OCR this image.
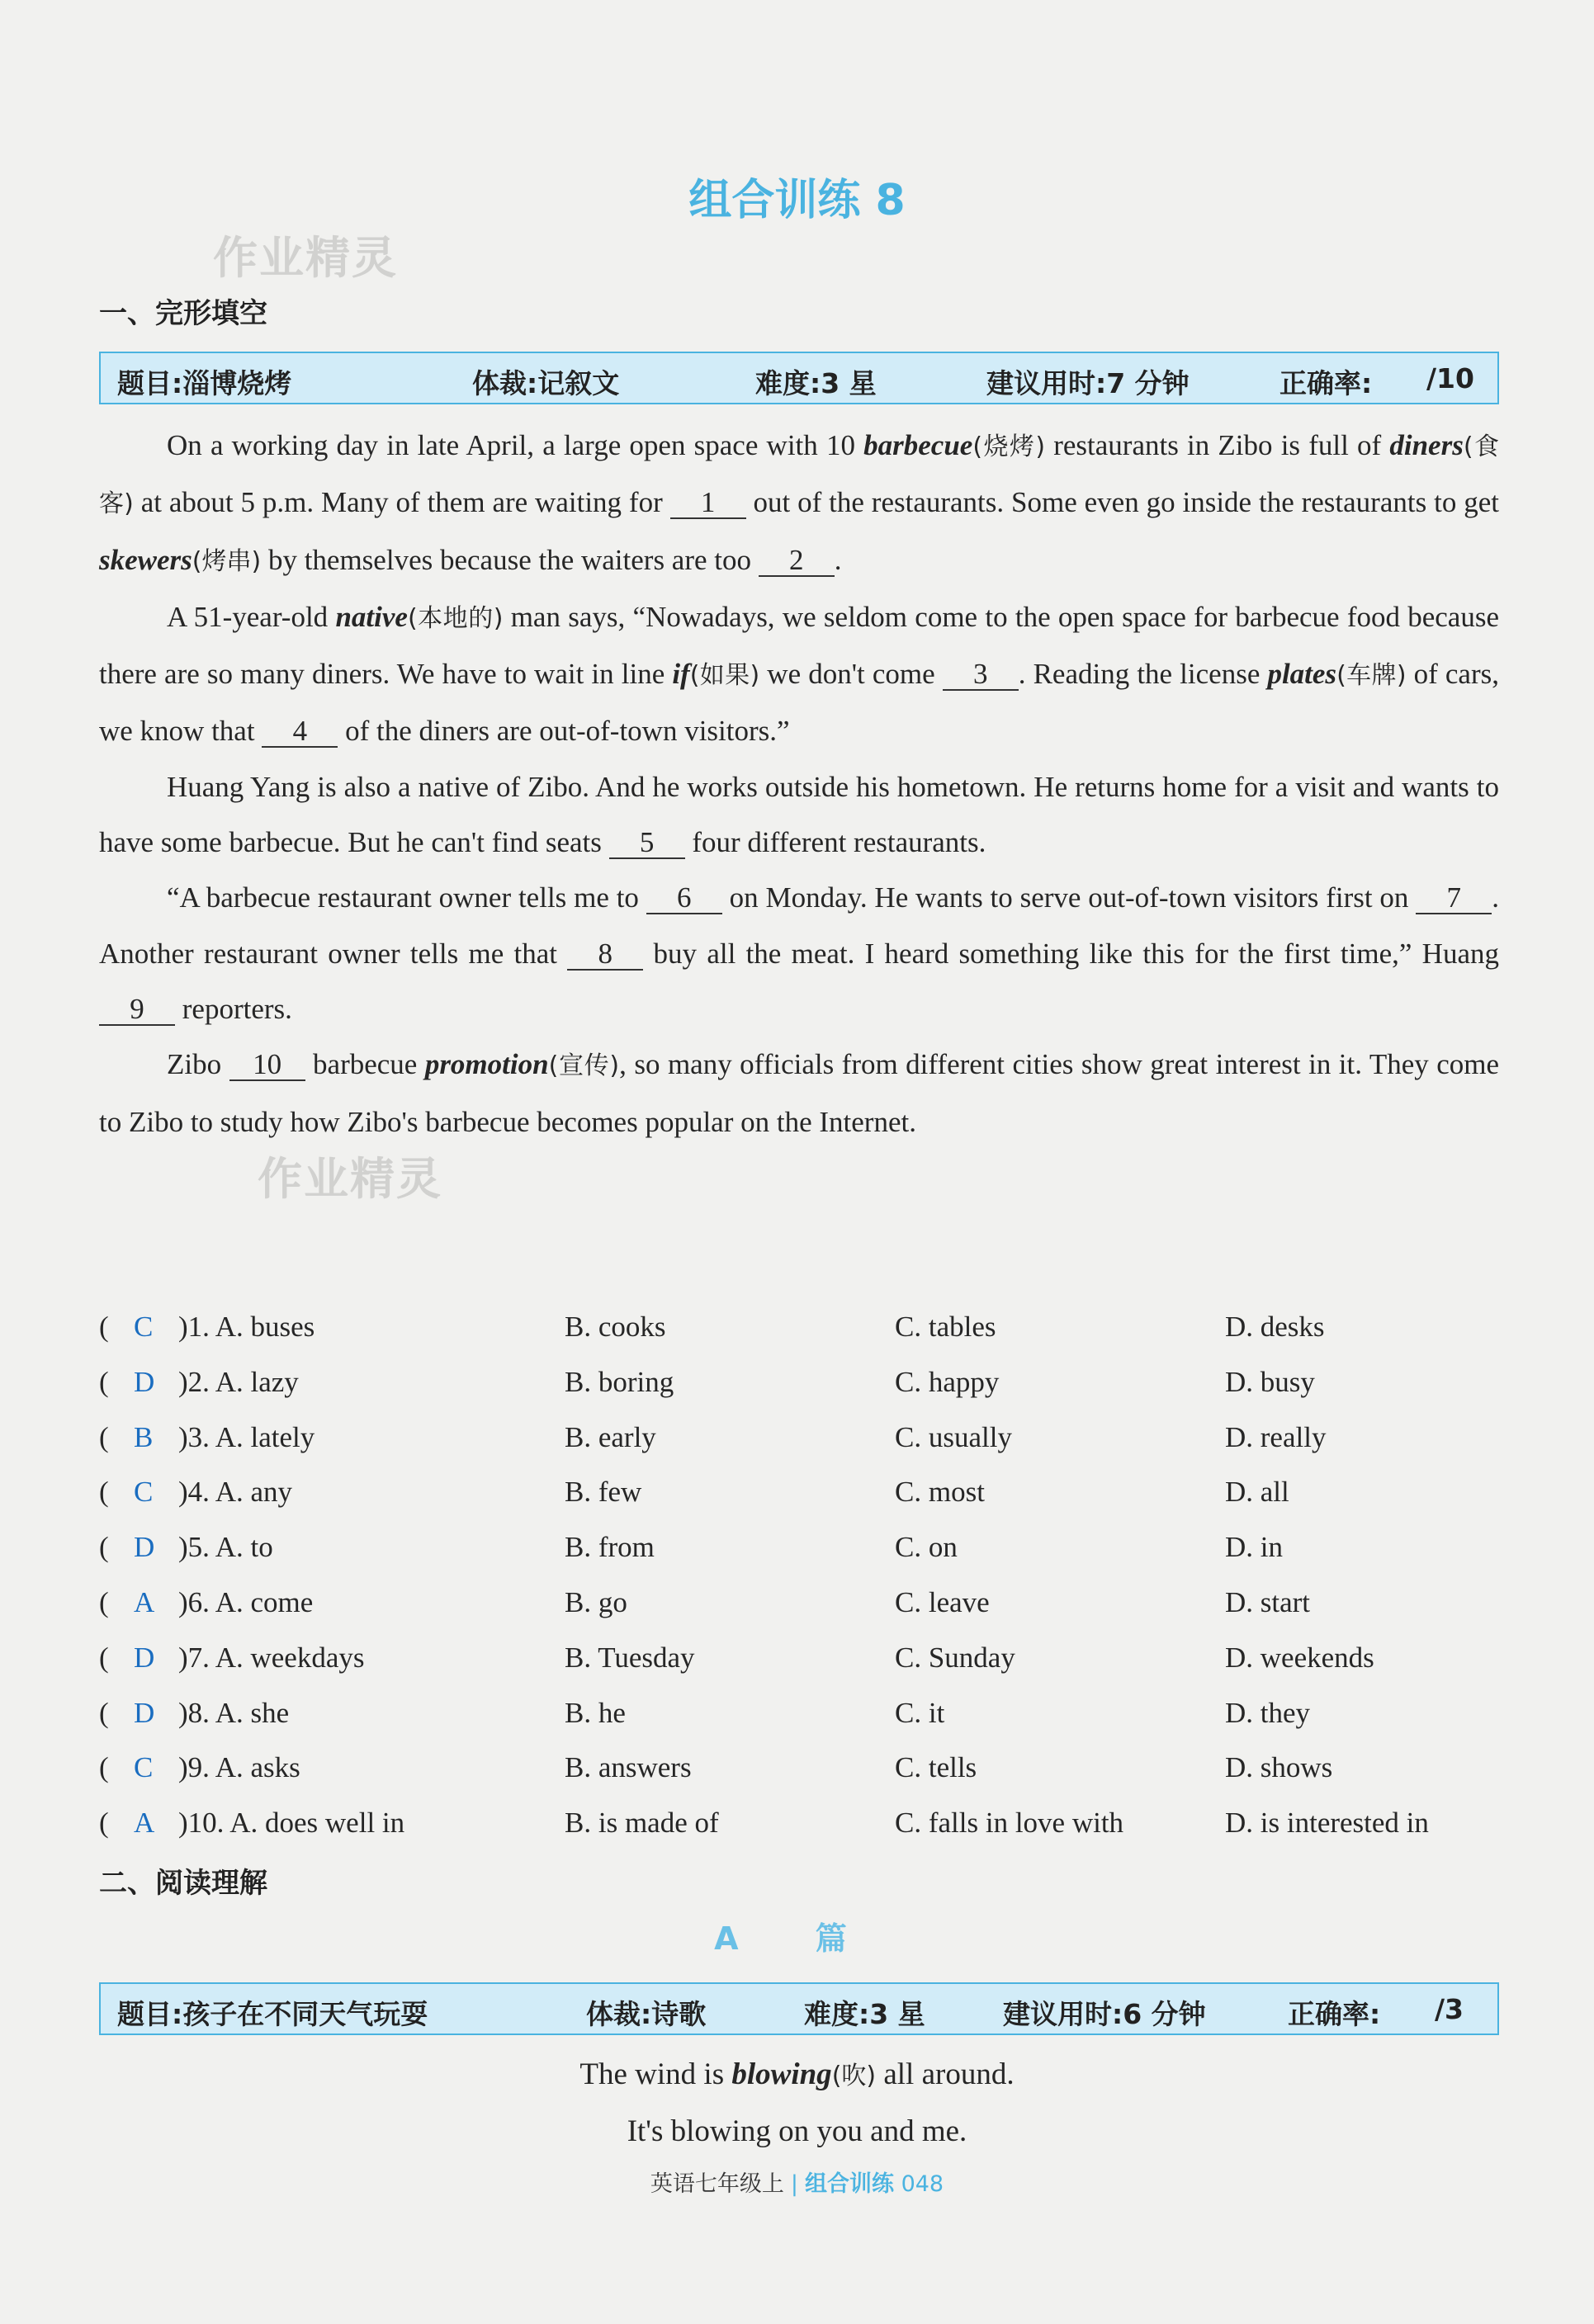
作业精灵
作业精灵
组合训练 8
一、完形填空
题目:淄博烧烤	体裁:记叙文	难度:3 星	建议用时:7 分钟	正确率: /10

On a working day in late April, a large open space with 10 barbecue(烧烤) restaurants in Zibo is full of diners(食客) at about 5 p.m. Many of them are waiting for 1 out of the restaurants. Some even go inside the restaurants to get skewers(烤串) by themselves because the waiters are too 2 .

A 51-year-old native(本地的) man says, “Nowadays, we seldom come to the open space for barbecue food because there are so many diners. We have to wait in line if(如果) we don't come 3 . Reading the license plates(车牌) of cars, we know that 4 of the diners are out-of-town visitors.”

Huang Yang is also a native of Zibo. And he works outside his hometown. He returns home for a visit and wants to have some barbecue. But he can't find seats 5 four different restaurants.

“A barbecue restaurant owner tells me to 6 on Monday. He wants to serve out-of-town visitors first on 7 . Another restaurant owner tells me that 8 buy all the meat. I heard something like this for the first time,” Huang 9 reporters.

Zibo 10 barbecue promotion(宣传), so many officials from different cities show great interest in it. They come to Zibo to study how Zibo's barbecue becomes popular on the Internet.

( C )1. A. buses	B. cooks	C. tables	D. desks
( D )2. A. lazy	B. boring	C. happy	D. busy
( B )3. A. lately	B. early	C. usually	D. really
( C )4. A. any	B. few	C. most	D. all
( D )5. A. to	B. from	C. on	D. in
( A )6. A. come	B. go	C. leave	D. start
( D )7. A. weekdays	B. Tuesday	C. Sunday	D. weekends
( D )8. A. she	B. he	C. it	D. they
( C )9. A. asks	B. answers	C. tells	D. shows
( A )10. A. does well in	B. is made of	C. falls in love with	D. is interested in
二、阅读理解
A 篇
题目:孩子在不同天气玩耍	体裁:诗歌	难度:3 星	建议用时:6 分钟	正确率: /3
The wind is blowing(吹) all around.
It's blowing on you and me.
英语七年级上 | 组合训练 048
